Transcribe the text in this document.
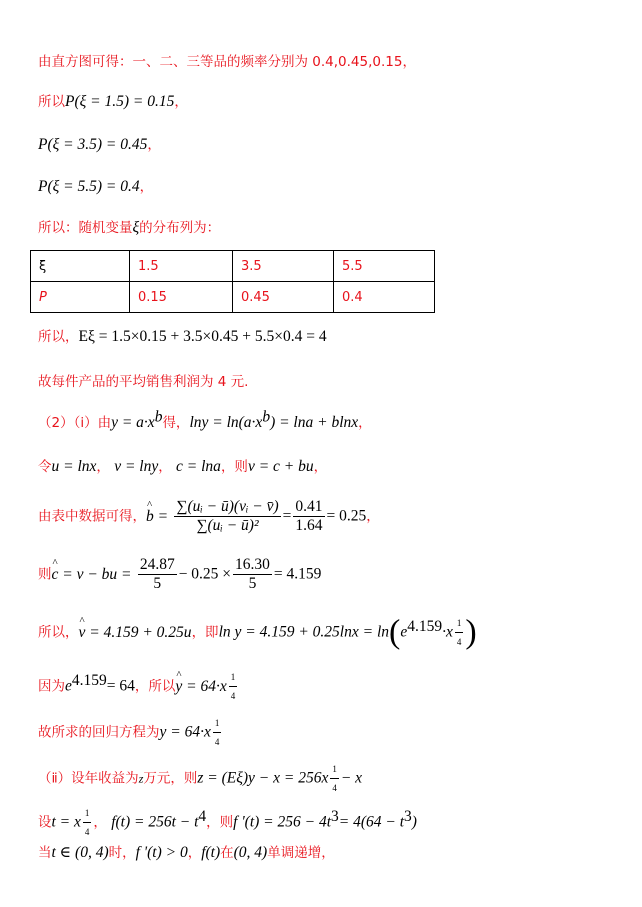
由直方图可得：一、二、三等品的频率分别为 0.4,0.45,0.15，
所以P(ξ = 1.5) = 0.15，
P(ξ = 3.5) = 0.45，
P(ξ = 5.5) = 0.4，
所以：随机变量ξ的分布列为：
ξ	1.5	3.5	5.5
P	0.15	0.45	0.4
所以，Eξ = 1.5×0.15 + 3.5×0.45 + 5.5×0.4 = 4
故每件产品的平均销售利润为 4 元.
（2）（ⅰ）由$y = a\cdot x^b$得，$\ln y = \ln(a\cdot x^b) = \ln a + blnx$，
令u = lnx， v = lny， c = lna，则v = c + bu，
由表中数据可得，^ $b = \frac{\text{∑(uᵢ − ū)(vᵢ − v̄)}}{\text{∑(uᵢ − ū)²}} = \frac{0.41}{1.64} = 0.25$，
则^ c = v − bu = $\frac{24.87}{5} - 0.25 \times \frac{16.30}{5} = 4.159$
所以，^ v = 4.159 + 0.25u，即$\ln y = 4.159 + 0.25\ln x = \ln(e^{4.159}\cdot x \frac{1}{4}$ )
因为$e^{4.159}= 64$，所以^ $y = 64\cdot x \frac{1}{4}$
故所求的回归方程为$y = 64\cdot x \frac{1}{4}$
（ⅱ）设年收益为z万元，则$z = (E\xi)y - x = 256x \frac{1}{4} - x$
设t = x $\frac{1}{4}$ ， $f(t) = 256t - t^4$，则f '$(t) = 256 - 4t^3= 4(64 - t^3)$
当t ∈ (0, 4)时，f '(t) > 0，f(t)在(0, 4)单调递增，
